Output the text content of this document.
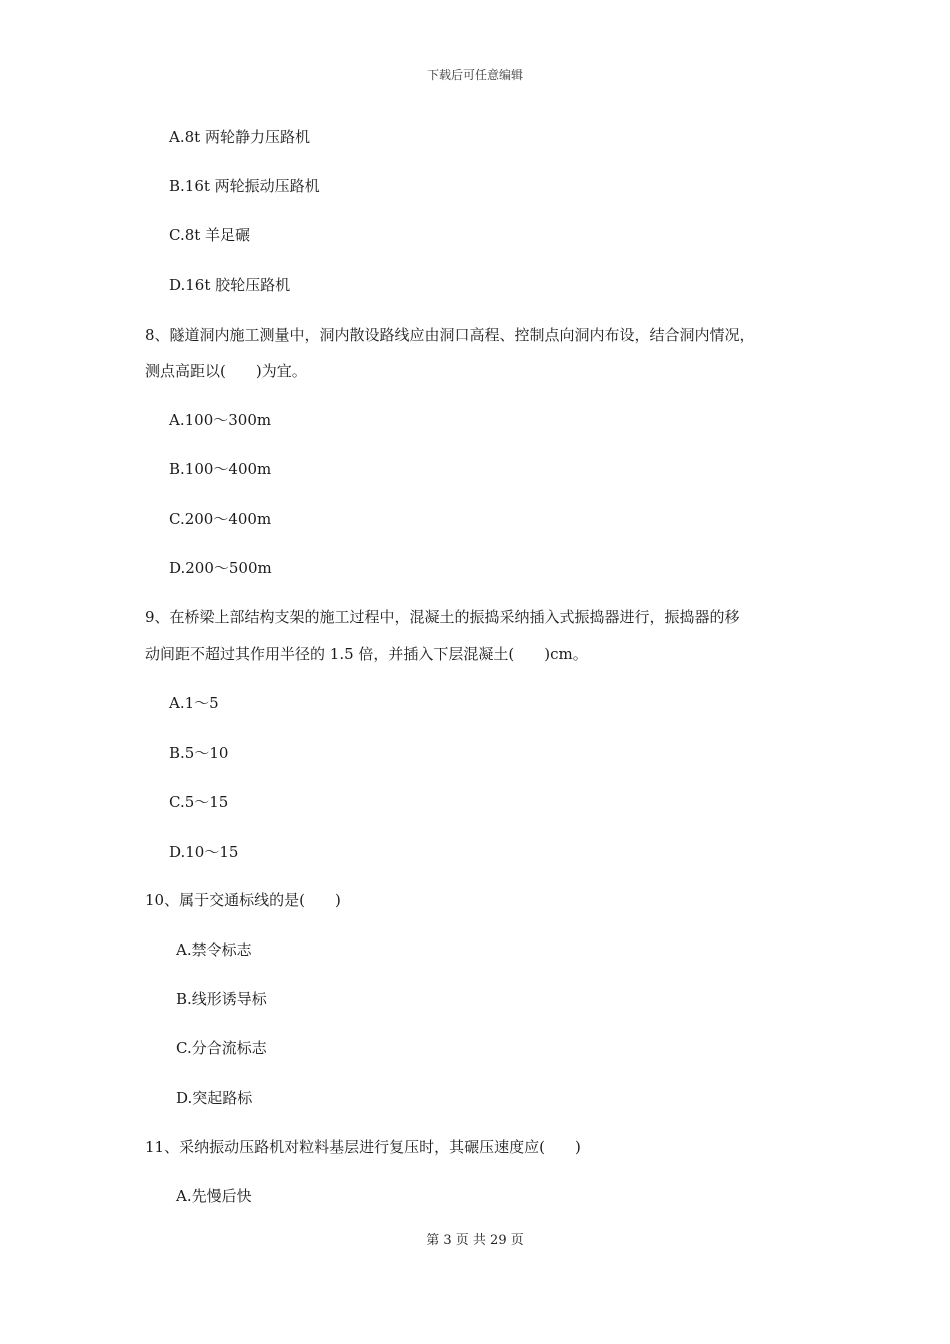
下载后可任意编辑
A.8t 两轮静力压路机
B.16t 两轮振动压路机
C.8t 羊足碾
D.16t 胶轮压路机
8、隧道洞内施工测量中，洞内散设路线应由洞口高程、控制点向洞内布设，结合洞内情况，
测点高距以(　　)为宜。
A.100～300m
B.100～400m
C.200～400m
D.200～500m
9、在桥梁上部结构支架的施工过程中，混凝土的振捣采纳插入式振捣器进行，振捣器的移
动间距不超过其作用半径的 1.5 倍，并插入下层混凝土(　　)cm。
A.1～5
B.5～10
C.5～15
D.10～15
10、属于交通标线的是(　　)
A.禁令标志
B.线形诱导标
C.分合流标志
D.突起路标
11、采纳振动压路机对粒料基层进行复压时，其碾压速度应(　　)
A.先慢后快
第 3 页 共 29 页
